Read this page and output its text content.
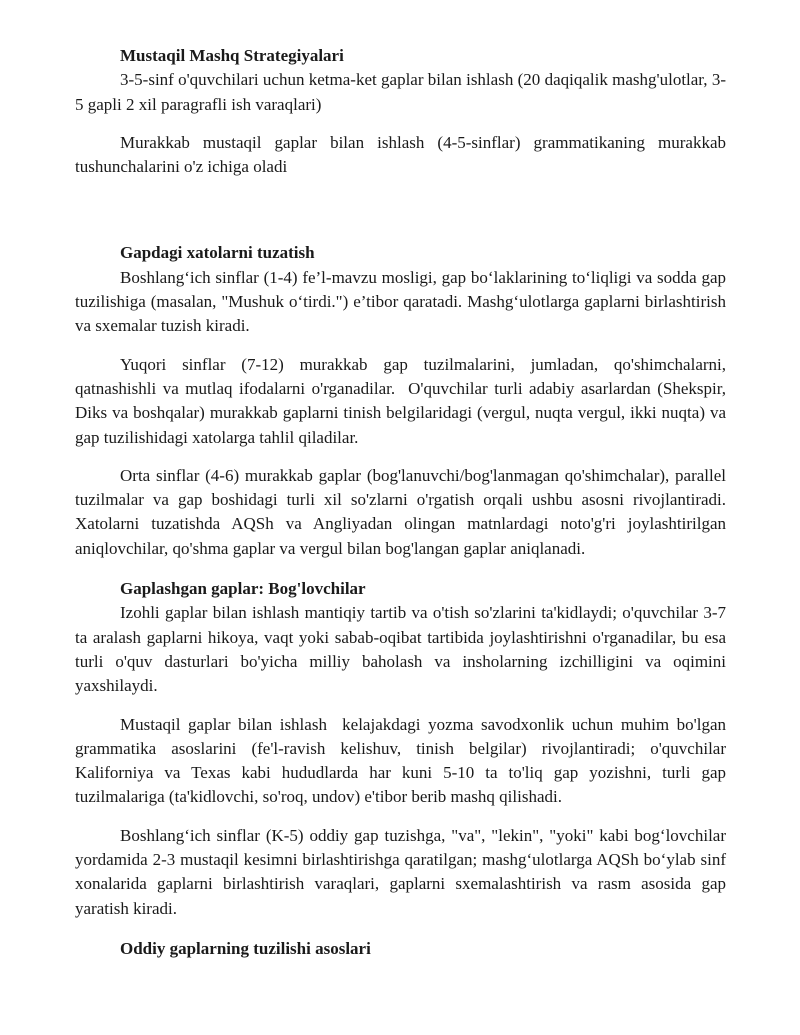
Mustaqil Mashq Strategiyalari

3-5-sinf o'quvchilari uchun ketma-ket gaplar bilan ishlash (20 daqiqalik mashg'ulotlar, 3-5 gapli 2 xil paragrafli ish varaqlari)

Murakkab mustaqil gaplar bilan ishlash (4-5-sinflar) grammatikaning murakkab tushunchalarini o'z ichiga oladi

Gapdagi xatolarni tuzatish

Boshlang‘ich sinflar (1-4) fe’l-mavzu mosligi, gap bo‘laklarining to‘liqligi va sodda gap tuzilishiga (masalan, "Mushuk o‘tirdi.") e’tibor qaratadi. Mashg‘ulotlarga gaplarni birlashtirish va sxemalar tuzish kiradi.

Yuqori sinflar (7-12) murakkab gap tuzilmalarini, jumladan, qo'shimchalarni, qatnashishli va mutlaq ifodalarni o'rganadilar.  O'quvchilar turli adabiy asarlardan (Shekspir, Diks va boshqalar) murakkab gaplarni tinish belgilaridagi (vergul, nuqta vergul, ikki nuqta) va gap tuzilishidagi xatolarga tahlil qiladilar.

Orta sinflar (4-6) murakkab gaplar (bog'lanuvchi/bog'lanmagan qo'shimchalar), parallel tuzilmalar va gap boshidagi turli xil so'zlarni o'rgatish orqali ushbu asosni rivojlantiradi. Xatolarni tuzatishda AQSh va Angliyadan olingan matnlardagi noto'g'ri joylashtirilgan aniqlovchilar, qo'shma gaplar va vergul bilan bog'langan gaplar aniqlanadi.

Gaplashgan gaplar: Bog'lovchilar

Izohli gaplar bilan ishlash mantiqiy tartib va o'tish so'zlarini ta'kidlaydi; o'quvchilar 3-7 ta aralash gaplarni hikoya, vaqt yoki sabab-oqibat tartibida joylashtirishni o'rganadilar, bu esa turli o'quv dasturlari bo'yicha milliy baholash va insholarning izchilligini va oqimini yaxshilaydi.

Mustaqil gaplar bilan ishlash  kelajakdagi yozma savodxonlik uchun muhim bo'lgan grammatika asoslarini (fe'l-ravish kelishuv, tinish belgilar) rivojlantiradi; o'quvchilar Kaliforniya va Texas kabi hududlarda har kuni 5-10 ta to'liq gap yozishni, turli gap tuzilmalariga (ta'kidlovchi, so'roq, undov) e'tibor berib mashq qilishadi.

Boshlang‘ich sinflar (K-5) oddiy gap tuzishga, "va", "lekin", "yoki" kabi bog‘lovchilar yordamida 2-3 mustaqil kesimni birlashtirishga qaratilgan; mashg‘ulotlarga AQSh bo‘ylab sinf xonalarida gaplarni birlashtirish varaqlari, gaplarni sxemalashtirish va rasm asosida gap yaratish kiradi.

Oddiy gaplarning tuzilishi asoslari
